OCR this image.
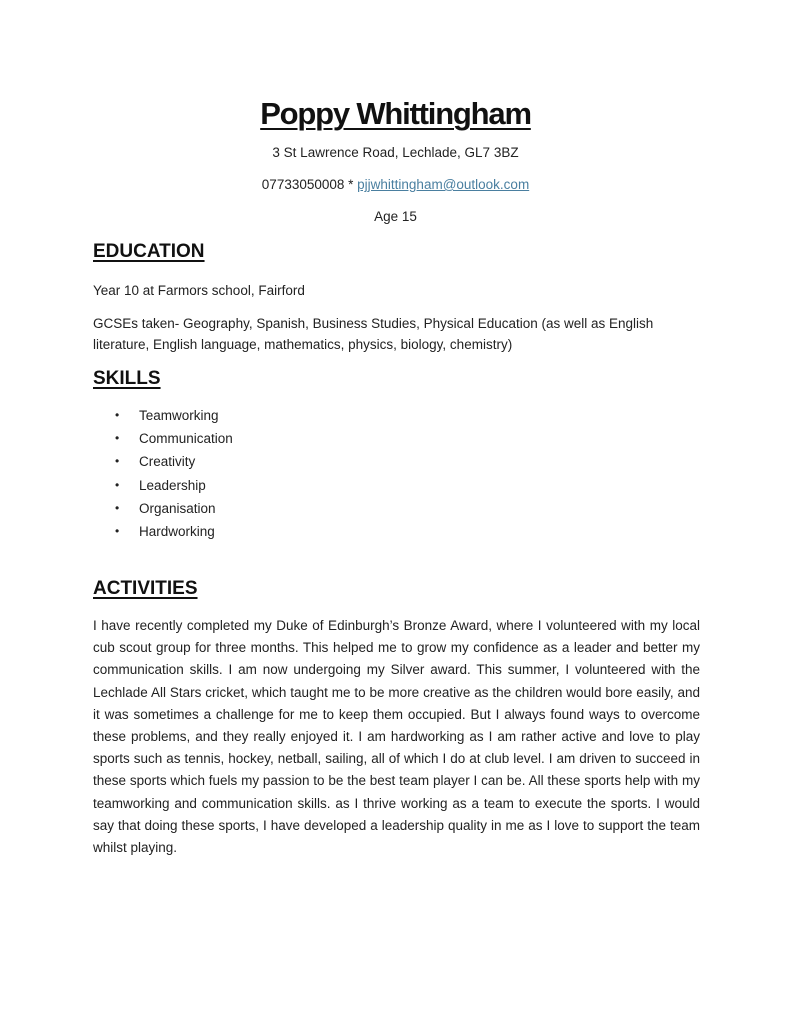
Poppy Whittingham
3 St Lawrence Road, Lechlade, GL7 3BZ
07733050008 * pjjwhittingham@outlook.com
Age 15
EDUCATION
Year 10 at Farmors school, Fairford
GCSEs taken- Geography, Spanish, Business Studies, Physical Education (as well as English literature, English language, mathematics, physics, biology, chemistry)
SKILLS
• Teamworking
• Communication
• Creativity
• Leadership
• Organisation
• Hardworking
ACTIVITIES
I have recently completed my Duke of Edinburgh’s Bronze Award, where I volunteered with my local cub scout group for three months. This helped me to grow my confidence as a leader and better my communication skills. I am now undergoing my Silver award. This summer, I volunteered with the Lechlade All Stars cricket, which taught me to be more creative as the children would bore easily, and it was sometimes a challenge for me to keep them occupied. But I always found ways to overcome these problems, and they really enjoyed it. I am hardworking as I am rather active and love to play sports such as tennis, hockey, netball, sailing, all of which I do at club level. I am driven to succeed in these sports which fuels my passion to be the best team player I can be. All these sports help with my teamworking and communication skills. as I thrive working as a team to execute the sports. I would say that doing these sports, I have developed a leadership quality in me as I love to support the team whilst playing.
